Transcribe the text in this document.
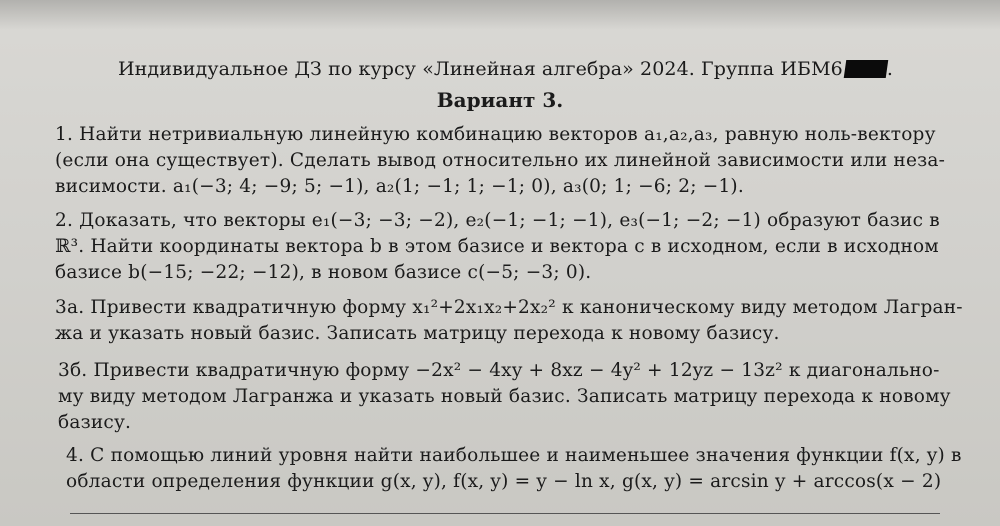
Индивидуальное ДЗ по курсу «Линейная алгебра» 2024. Группа ИБМ6 .
Вариант 3.
1. Найти нетривиальную линейную комбинацию векторов a₁,a₂,a₃, равную ноль-вектору
(если она существует). Сделать вывод относительно их линейной зависимости или неза-
висимости. a₁(−3; 4; −9; 5; −1), a₂(1; −1; 1; −1; 0), a₃(0; 1; −6; 2; −1).
2. Доказать, что векторы e₁(−3; −3; −2), e₂(−1; −1; −1), e₃(−1; −2; −1) образуют базис в
ℝ³. Найти координаты вектора b в этом базисе и вектора c в исходном, если в исходном
базисе b(−15; −22; −12), в новом базисе c(−5; −3; 0).
3а. Привести квадратичную форму x₁²+2x₁x₂+2x₂² к каноническому виду методом Лагран-
жа и указать новый базис. Записать матрицу перехода к новому базису.
3б. Привести квадратичную форму −2x² − 4xy + 8xz − 4y² + 12yz − 13z² к диагонально-
му виду методом Лагранжа и указать новый базис. Записать матрицу перехода к новому
базису.
4. С помощью линий уровня найти наибольшее и наименьшее значения функции f(x, y) в
области определения функции g(x, y), f(x, y) = y − ln x, g(x, y) = arcsin y + arccos(x − 2)
